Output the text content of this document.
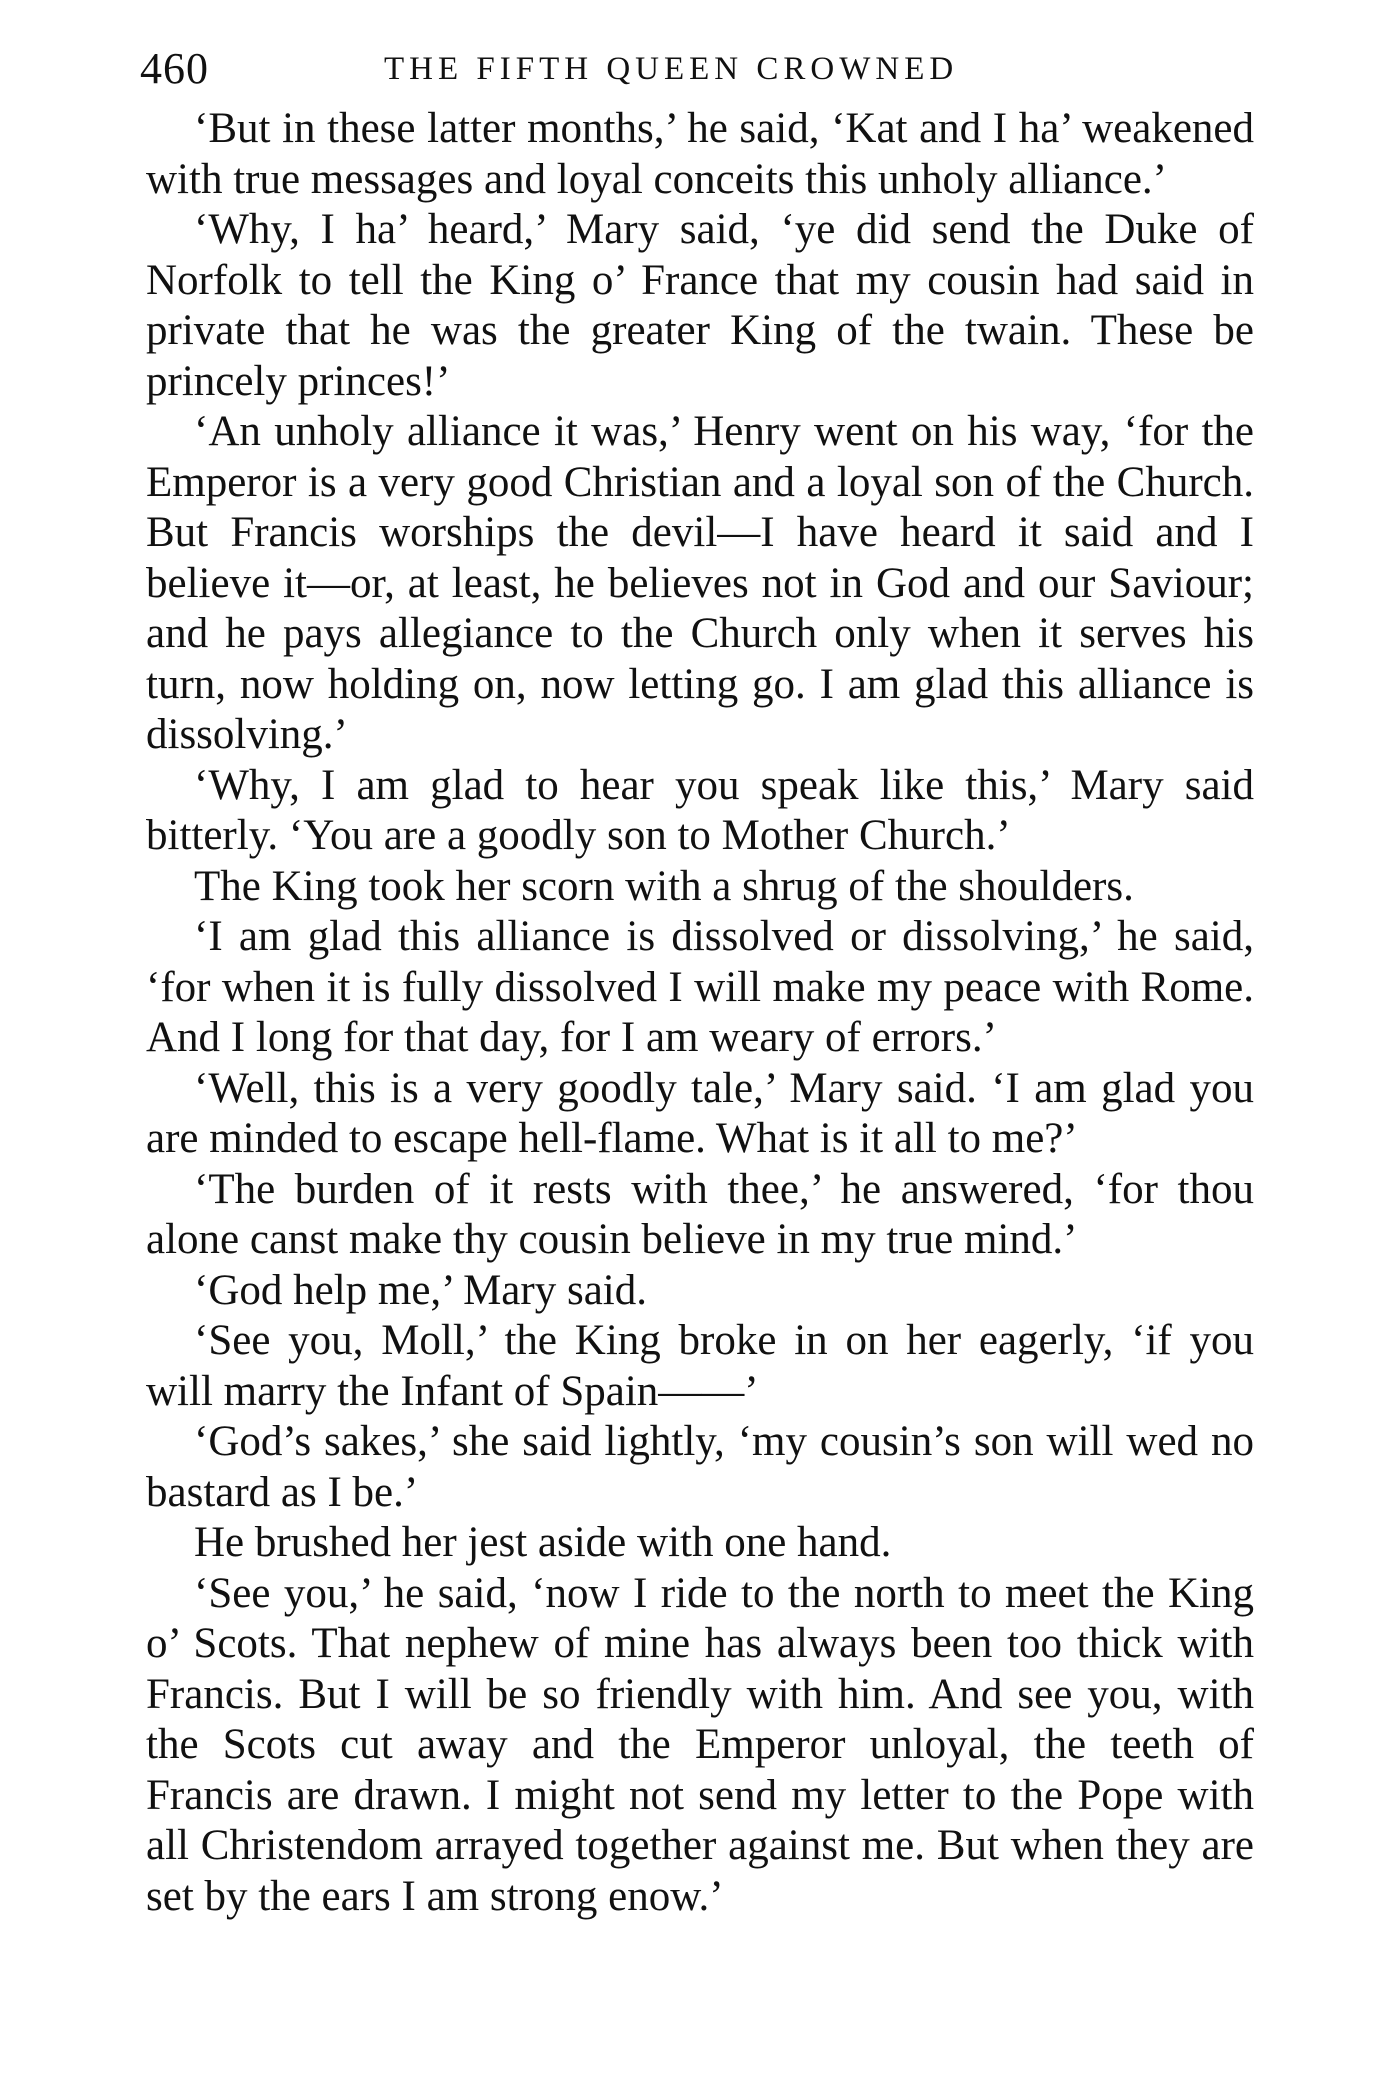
460	THE FIFTH QUEEN CROWNED

‘But in these latter months,’ he said, ‘Kat and I ha’ weakened with true messages and loyal conceits this unholy alliance.’

‘Why, I ha’ heard,’ Mary said, ‘ye did send the Duke of Norfolk to tell the King o’ France that my cousin had said in private that he was the greater King of the twain. These be princely princes!’

‘An unholy alliance it was,’ Henry went on his way, ‘for the Emperor is a very good Christian and a loyal son of the Church. But Francis worships the devil—I have heard it said and I believe it—or, at least, he believes not in God and our Saviour; and he pays allegiance to the Church only when it serves his turn, now holding on, now letting go. I am glad this alliance is dissolving.’

‘Why, I am glad to hear you speak like this,’ Mary said bitterly. ‘You are a goodly son to Mother Church.’

The King took her scorn with a shrug of the shoulders.

‘I am glad this alliance is dissolved or dissolving,’ he said, ‘for when it is fully dissolved I will make my peace with Rome. And I long for that day, for I am weary of errors.’

‘Well, this is a very goodly tale,’ Mary said. ‘I am glad you are minded to escape hell-flame. What is it all to me?’

‘The burden of it rests with thee,’ he answered, ‘for thou alone canst make thy cousin believe in my true mind.’

‘God help me,’ Mary said.

‘See you, Moll,’ the King broke in on her eagerly, ‘if you will marry the Infant of Spain——’

‘God’s sakes,’ she said lightly, ‘my cousin’s son will wed no bastard as I be.’

He brushed her jest aside with one hand.

‘See you,’ he said, ‘now I ride to the north to meet the King o’ Scots. That nephew of mine has always been too thick with Francis. But I will be so friendly with him. And see you, with the Scots cut away and the Emperor unloyal, the teeth of Francis are drawn. I might not send my letter to the Pope with all Christendom arrayed together against me. But when they are set by the ears I am strong enow.’
